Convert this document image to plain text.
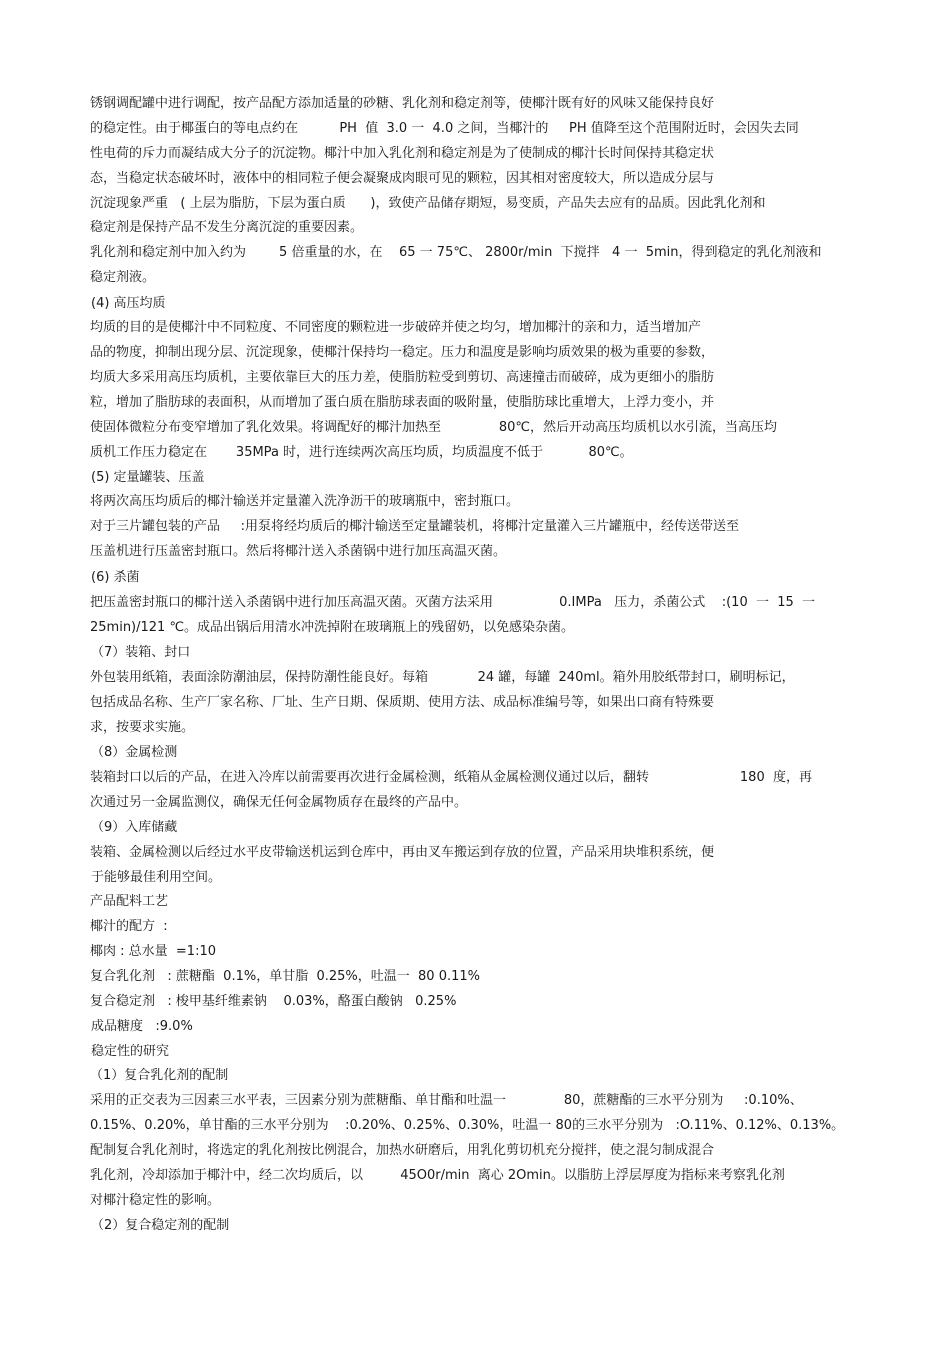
锈钢调配罐中进行调配，按产品配方添加适量的砂糖、乳化剂和稳定剂等，使椰汁既有好的风味又能保持良好

的稳定性。由于椰蛋白的等电点约在          PH  值  3.0 一  4.0 之间，当椰汁的     PH 值降至这个范围附近时，会因失去同

性电荷的斥力而凝结成大分子的沉淀物。椰汁中加入乳化剂和稳定剂是为了使制成的椰汁长时间保持其稳定状

态，当稳定状态破坏时，液体中的相同粒子便会凝聚成肉眼可见的颗粒，因其相对密度较大，所以造成分层与

沉淀现象严重   ( 上层为脂肪，下层为蛋白质      )，致使产品储存期短，易变质，产品失去应有的品质。因此乳化剂和

稳定剂是保持产品不发生分离沉淀的重要因素。

乳化剂和稳定剂中加入约为        5 倍重量的水，在    65 一 75℃、 2800r/min  下搅拌   4 一  5min，得到稳定的乳化剂液和

稳定剂液。

(4) 高压均质

均质的目的是使椰汁中不同粒度、不同密度的颗粒进一步破碎并使之均匀，增加椰汁的亲和力，适当增加产

品的物度，抑制出现分层、沉淀现象，使椰汁保持均一稳定。压力和温度是影响均质效果的极为重要的参数，

均质大多采用高压均质机，主要依靠巨大的压力差，使脂肪粒受到剪切、高速撞击而破碎，成为更细小的脂肪

粒，增加了脂肪球的表面积，从而增加了蛋白质在脂肪球表面的吸附量，使脂肪球比重增大，上浮力变小，并

使固体微粒分布变窄增加了乳化效果。将调配好的椰汁加热至              80℃，然后开动高压均质机以水引流，当高压均

质机工作压力稳定在       35MPa 时，进行连续两次高压均质，均质温度不低于           80℃。

(5) 定量罐装、压盖

将两次高压均质后的椰汁输送并定量灌入洗净沥干的玻璃瓶中，密封瓶口。

对于三片罐包装的产品     :用泵将经均质后的椰汁输送至定量罐装机，将椰汁定量灌入三片罐瓶中，经传送带送至

压盖机进行压盖密封瓶口。然后将椰汁送入杀菌锅中进行加压高温灭菌。

(6) 杀菌

把压盖密封瓶口的椰汁送入杀菌锅中进行加压高温灭菌。灭菌方法采用                0.IMPa   压力，杀菌公式    :(10  一  15  一

25min)/121 ℃。成品出锅后用清水冲洗掉附在玻璃瓶上的残留奶，以免感染杂菌。

（7）装箱、封口

外包装用纸箱，表面涂防潮油层，保持防潮性能良好。每箱            24 罐，每罐  240ml。箱外用胶纸带封口，刷明标记，

包括成品名称、生产厂家名称、厂址、生产日期、保质期、使用方法、成品标准编号等，如果出口商有特殊要

求，按要求实施。

（8）金属检测

装箱封口以后的产品，在进入冷库以前需要再次进行金属检测，纸箱从金属检测仪通过以后，翻转                      180  度，再

次通过另一金属监测仪，确保无任何金属物质存在最终的产品中。

（9）入库储藏

装箱、金属检测以后经过水平皮带输送机运到仓库中，再由叉车搬运到存放的位置，产品采用块堆积系统，便

于能够最佳利用空间。

产品配料工艺

椰汁的配方  :

椰肉 : 总水量  =1:10

复合乳化剂   : 蔗糖酯  0.1%，单甘脂  0.25%，吐温一  80 0.11%

复合稳定剂   : 梭甲基纤维素钠    0.03%，酪蛋白酸钠   0.25%

成品糖度   :9.0%

稳定性的研究

（1）复合乳化剂的配制

采用的正交表为三因素三水平表，三因素分别为蔗糖酯、单甘酯和吐温一              80，蔗糖酯的三水平分别为     :0.10%、

0.15%、0.20%，单甘酯的三水平分别为    :0.20%、0.25%、0.30%，吐温一 80的三水平分别为   :O.11%、0.12%、0.13%。

配制复合乳化剂时，将选定的乳化剂按比例混合，加热水研磨后，用乳化剪切机充分搅拌，使之混匀制成混合

乳化剂，冷却添加于椰汁中，经二次均质后，以         45O0r/min  离心 2Omin。以脂肪上浮层厚度为指标来考察乳化剂

对椰汁稳定性的影响。

（2）复合稳定剂的配制
